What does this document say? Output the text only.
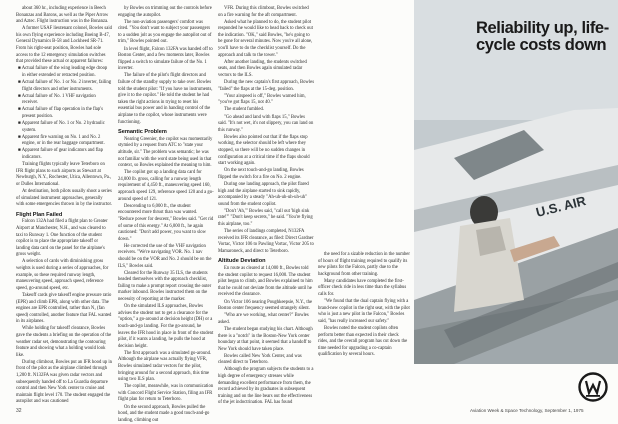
about 360 hr., including experience in Beech Bonanzas and Barons, as well as the Piper Arrow and Aztec. Flight instruction was in the Bonanza.

A former USAF lieutenant colonel, Bowles said his own flying experience including Boeing B-47, General Dynamics B-58 and Lockheed SR-71. From his right-seat position, Bowles had sole access to the 12 emergency simulation switches that provided these actual or apparent failures:

■ Actual failure of the wing leading edge droop in either extended or retracted position.

■ Actual failure of No. 1 or No. 2 inverter, failing flight directors and other instruments.

■ Actual failure of No. 1 VHF navigation receiver.

■ Actual failure of flap operation in the flap's present position.

■ Apparent failure of No. 1 or No. 2 hydraulic system.

■ Apparent fire warning on No. 1 and No. 2 engine, or in the rear baggage compartment.

■ Apparent failure of gear indicators and flap indicators.

Training flights typically leave Teterboro on IFR flight plans to such airports as Stewart at Newburgh, N.Y., Rochester, Utica, Allentown, Pa., or Dulles International.

At destination, both pilots usually shoot a series of simulated instrument approaches, generally with some emergencies thrown in by the instructor.

Flight Plan Failed

Falcon 132A had filed a flight plan to Greater Airport at Manchester, N.H., and was cleared to taxi to Runway 1. One function of the student copilot is to place the appropriate takeoff or landing data card on the panel for the airplane's gross weight.

A selection of cards with diminishing gross weights is used during a series of approaches, for example, so these required runway length, maneuvering speed, approach speed, reference speed, go-around speed, etc.

Takeoff cards give takeoff engine pressure ratio (EPR) and climb EPR, along with other data. The engines are EPR controlled, rather than N₁ (fan speed) controlled, another feature that FAL wanted in its airplanes.

While holding for takeoff clearance, Bowles gave the students a briefing on the operation of the weather radar set, demonstrating the contouring feature and showing what a holding would look like.

During climbout, Bowles put an IFR hood up in front of the pilot as the airplane climbed through 1,200 ft. N132FA was given radar vectors and subsequently handed off to La Guardia departure control and then New York center to cruise and maintain flight level 170. The student engaged the autopilot and was cautioned

by Bowles on trimming out the controls before engaging the autopilot.

The non-aviation passengers' comfort was cited. "You don't want to subject your passengers to a sudden jolt as you engage the autopilot out of trim," Bowles pointed out.

In level flight, Falcon 132FA was handed off to Boston Center, and a few moments later, Bowles flipped a switch to simulate failure of the No. 1 inverter.

The failure of the pilot's flight directors and failure of the standby supply to take over. Bowles told the student pilot: "If you have no instruments, give it to the copilot." He told the student he had taken the right actions in trying to reset his essential bus power and in handing control of the airplane to the copilot, whose instruments were functioning.

Semantic Problem

Nearing Greenier, the copilot was momentarily stymied by a request from ATC to "state your altitude, sir." The problem was semantic; he was not familiar with the word state being used in that context, so Bowles explained the meaning to him.

The copilot got up a landing data card for 24,000 lb. gross, calling for a runway length requirement of 4,450 ft., maneuvering speed 160, approach speed 129, reference speed 120 and a go-around speed of 121.

Descending to 6,000 ft., the student encountered more thrust than was wanted. "Reduce power for descent," Bowles said. "Get rid of some of this energy." At 6,000 ft., he again cautioned: "Don't add power, you want to slow down."

He corrected the use of the VHF navigation receivers. "We're navigating VOR. No. 1 nav should be on the VOR and No. 2 should be on the ILS," Bowles said.

Cleared for the Runway 35 ILS, the students headed themselves with the approach checklist, failing to make a prompt report crossing the outer marker inbound. Bowles instructed them on the necessity of reporting at the marker.

On the simulated ILS approaches, Bowles advises the student not to get a clearance for the "option," a go-around at decision height (DH) or a touch-and-go landing. For the go-around, he leaves the IFR hood in place in front of the student pilot, if it wants a landing, he pulls the hood at decision height.

The first approach was a simulated go-around. Although the airplane was actually flying VFR, Bowles simulated radar vectors for the pilot, bringing around for a second approach, this time using two ILS plan.

The copilot, meanwhile, was in communication with Concord Flight Service Station, filing an IFR flight plan for return to Teterboro.

On the second approach, Bowles pulled the hood, and the student made a good touch-and-go landing, climbing out

VFR. During this climbout, Bowles switched on a fire warning for the aft compartment.

Asked what he planned to do, the student pilot responded he would like to head back to check out the indication. "OK," said Bowles, "he's going to be gone for several minutes. Now you're all alone, you'll have to do the checklist yourself. Do the approach and talk to the tower."

After another landing, the students switched seats, and then Bowles again simulated radar vectors to the ILS.

During the new captain's first approach, Bowles "failed" the flaps at the 15-deg. position.

"Your airspeed is off," Bowles warned him, "you've got flaps 15, not 40."

The student fumbled.

"Go ahead and land with flaps 15," Bowles said. "It's not wet, it's not slippery, you can land on this runway."

Bowles also pointed out that if the flaps stop working, the selector should be left where they stopped, so there will be no sudden changes in configuration at a critical time if the flaps should start working again.

On the next touch-and-go landing, Bowles flipped the switch for a fire on No. 2 engine.

During one landing approach, the pilot flared high and the airplane started to sink rapidly, accompanied by a steady "Ah-uh-uh-uh-uh-uh" sound from the student copilot.

"Don't 'Ah,'" Bowles said, "call out 'high sink rate!'" "Don't keep secrets," he said. "You're flying this airplane, too."

The series of landings completed, N132FA received its IFR clearance, as filed: Direct Gardner Vortac, Victor 106 to Pawling Vortac, Victor 205 to Mamaroneck, and direct to Teterboro.

Altitude Deviation

En route as cleared at 14,000 ft., Bowles told the student copilot to request 16,000. The student pilot began to climb, and Bowles explained to him that he could not deviate from the altitude until he received the clearance.

On Victor 106 nearing Poughkeepsie, N.Y., the Boston center frequency seemed strangely silent.

"Who are we working, what center?" Bowles asked.

The student began studying his chart. Although there is a "notch" in the Boston-New York center boundary at that point, it seemed that a handoff to New York should have taken place.

Bowles called New York Center, and was cleared direct to Teterboro.

Although the program subjects the students to a high degree of emergency stresses while demanding excellent performance from them, the record achieved by its graduates in subsequent training and on the line bears out the effectiveness of the jet indoctrination. FAL has found

the need for a sizable reduction in the number of hours of flight training required to qualify its new pilots for the Falcon, partly due to the background from other training.

Many candidates have completed the first-officer check ride in less time than the syllabus calls for.

"We found that the dual captain flying with a brand-new copilot in the right seat, with the pilot who is just a new pilot in the Falcon," Bowles said, "has really increased our safety."

Bowles noted the student copilots often perform better than expected in their check rides, and the overall program has cut down the time needed for upgrading a co-captain qualification by several hours.

U.S. AIR
Reliability up, life-cycle costs down
32	Aviation Week & Space Technology, September 1, 1975
